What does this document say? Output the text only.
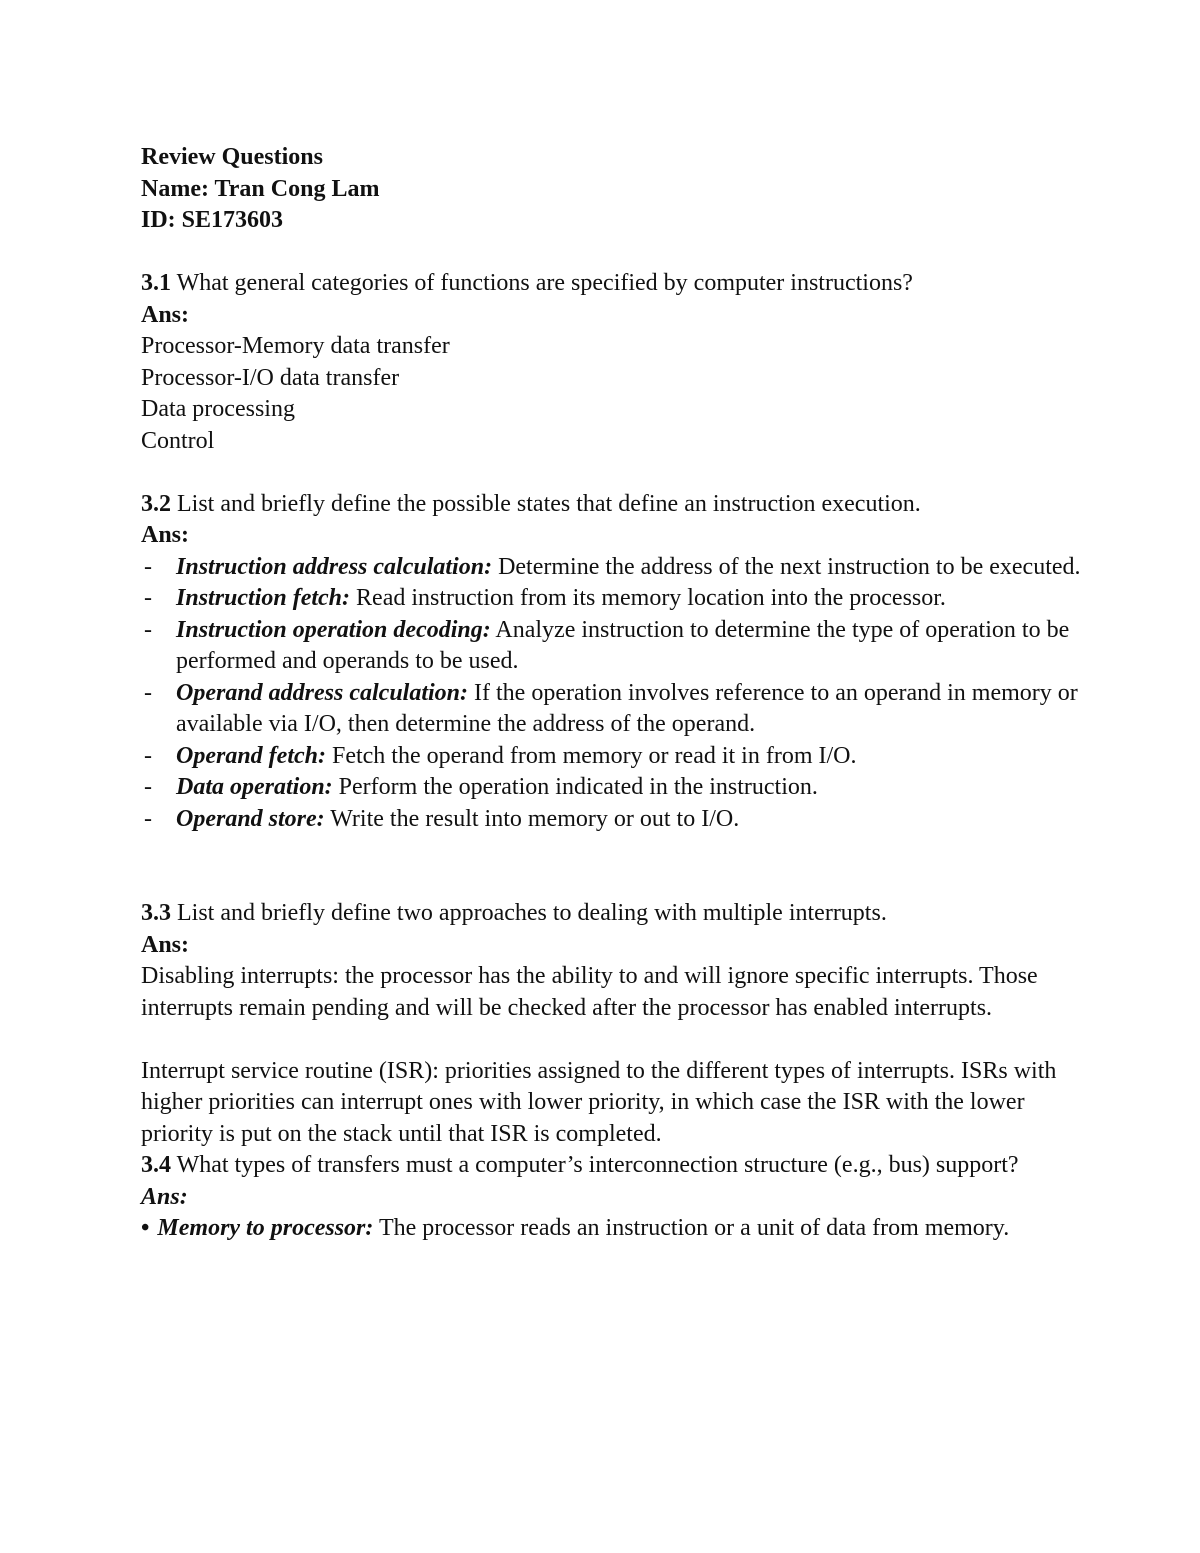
Review Questions
Name: Tran Cong Lam
ID: SE173603
3.1 What general categories of functions are specified by computer instructions?
Ans:
Processor-Memory data transfer
Processor-I/O data transfer
Data processing
Control
3.2 List and briefly define the possible states that define an instruction execution.
Ans:
- Instruction address calculation: Determine the address of the next instruction to be executed.
- Instruction fetch: Read instruction from its memory location into the processor.
- Instruction operation decoding: Analyze instruction to determine the type of operation to be performed and operands to be used.
- Operand address calculation: If the operation involves reference to an operand in memory or available via I/O, then determine the address of the operand.
- Operand fetch: Fetch the operand from memory or read it in from I/O.
- Data operation: Perform the operation indicated in the instruction.
- Operand store: Write the result into memory or out to I/O.
3.3 List and briefly define two approaches to dealing with multiple interrupts.
Ans:
Disabling interrupts: the processor has the ability to and will ignore specific interrupts. Those interrupts remain pending and will be checked after the processor has enabled interrupts.
Interrupt service routine (ISR): priorities assigned to the different types of interrupts. ISRs with higher priorities can interrupt ones with lower priority, in which case the ISR with the lower priority is put on the stack until that ISR is completed.
3.4 What types of transfers must a computer’s interconnection structure (e.g., bus) support?
Ans:
• Memory to processor: The processor reads an instruction or a unit of data from memory.
